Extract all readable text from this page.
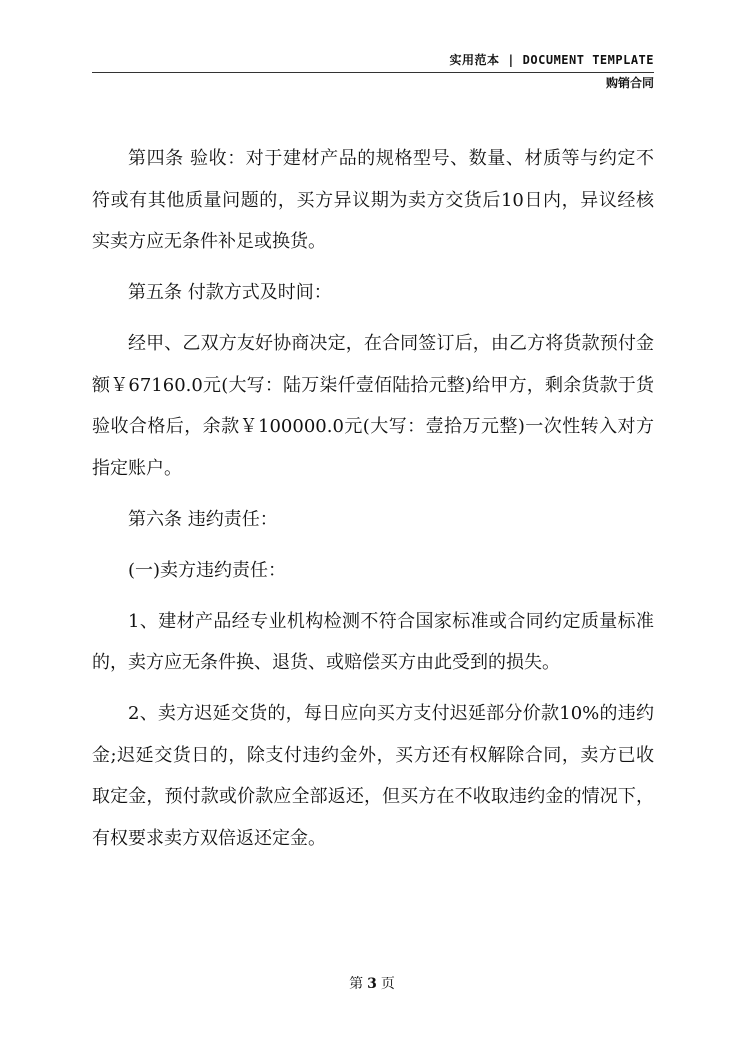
实用范本 | DOCUMENT TEMPLATE
购销合同

第四条 验收：对于建材产品的规格型号、数量、材质等与约定不符或有其他质量问题的，买方异议期为卖方交货后10日内，异议经核实卖方应无条件补足或换货。

第五条 付款方式及时间：

经甲、乙双方友好协商决定，在合同签订后，由乙方将货款预付金额￥67160.0元(大写：陆万柒仟壹佰陆拾元整)给甲方，剩余货款于货验收合格后，余款￥100000.0元(大写：壹拾万元整)一次性转入对方指定账户。

第六条 违约责任：

(一)卖方违约责任：

1、建材产品经专业机构检测不符合国家标准或合同约定质量标准的，卖方应无条件换、退货、或赔偿买方由此受到的损失。

2、卖方迟延交货的，每日应向买方支付迟延部分价款10%的违约金;迟延交货日的，除支付违约金外，买方还有权解除合同，卖方已收取定金，预付款或价款应全部返还，但买方在不收取违约金的情况下，有权要求卖方双倍返还定金。

第 3 页
